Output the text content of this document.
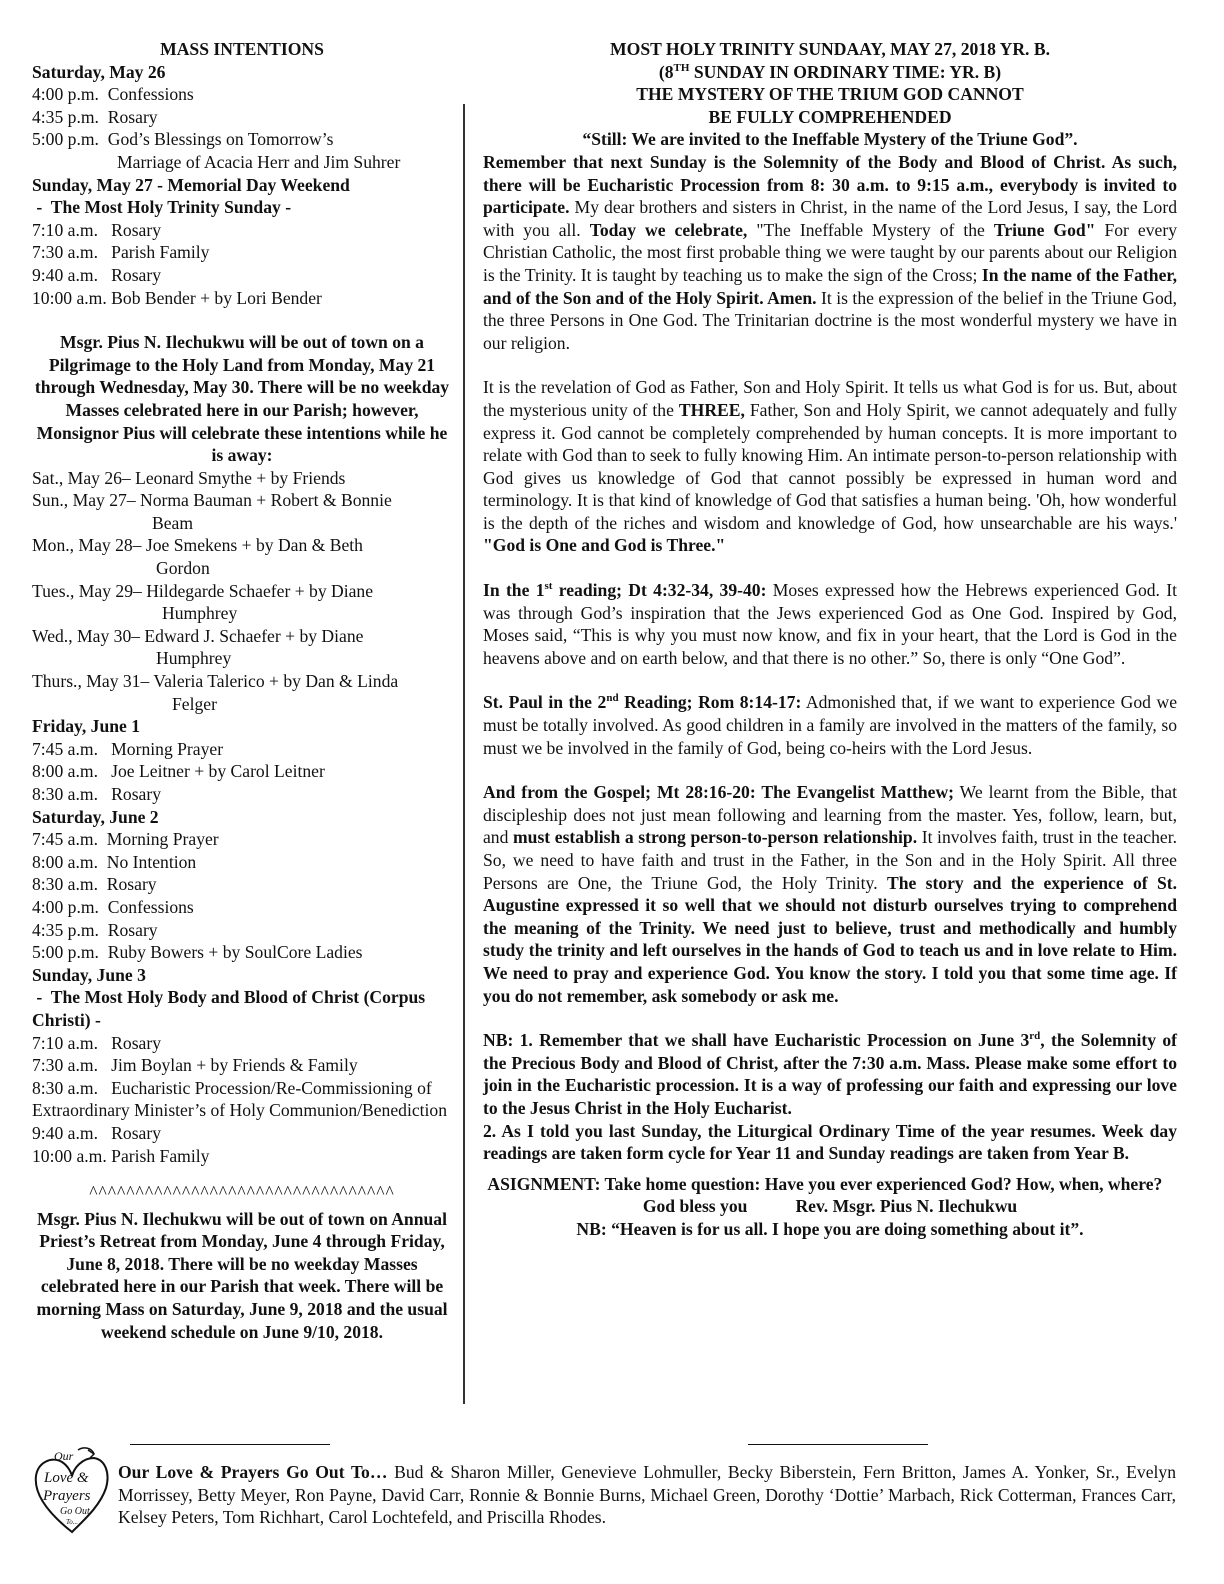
MASS INTENTIONS
Saturday, May 26
4:00 p.m.  Confessions
4:35 p.m.  Rosary
5:00 p.m.  God’s Blessings on Tomorrow’s
Marriage of Acacia Herr and Jim Suhrer
Sunday, May 27 - Memorial Day Weekend
-  The Most Holy Trinity Sunday -
7:10 a.m.   Rosary
7:30 a.m.   Parish Family
9:40 a.m.   Rosary
10:00 a.m. Bob Bender + by Lori Bender
Msgr. Pius N. Ilechukwu will be out of town on a Pilgrimage to the Holy Land from Monday, May 21 through Wednesday, May 30. There will be no weekday Masses celebrated here in our Parish; however, Monsignor Pius will celebrate these intentions while he is away:
Sat., May 26– Leonard Smythe + by Friends
Sun., May 27– Norma Bauman + Robert & Bonnie
Beam
Mon., May 28– Joe Smekens + by Dan & Beth
Gordon
Tues., May 29– Hildegarde Schaefer + by Diane
Humphrey
Wed., May 30– Edward J. Schaefer + by Diane
Humphrey
Thurs., May 31– Valeria Talerico + by Dan & Linda
Felger
Friday, June 1
7:45 a.m.   Morning Prayer
8:00 a.m.   Joe Leitner + by Carol Leitner
8:30 a.m.   Rosary
Saturday, June 2
7:45 a.m.  Morning Prayer
8:00 a.m.  No Intention
8:30 a.m.  Rosary
4:00 p.m.  Confessions
4:35 p.m.  Rosary
5:00 p.m.  Ruby Bowers + by SoulCore Ladies
Sunday, June 3
-  The Most Holy Body and Blood of Christ (Corpus Christi) -
7:10 a.m.   Rosary
7:30 a.m.   Jim Boylan + by Friends & Family
8:30 a.m.   Eucharistic Procession/Re-Commissioning of Extraordinary Minister’s of Holy Communion/Benediction
9:40 a.m.   Rosary
10:00 a.m. Parish Family
^^^^^^^^^^^^^^^^^^^^^^^^^^^^^^^^^
Msgr. Pius N. Ilechukwu will be out of town on Annual Priest’s Retreat from Monday, June 4 through Friday, June 8, 2018. There will be no weekday Masses celebrated here in our Parish that week. There will be morning Mass on Saturday, June 9, 2018 and the usual weekend schedule on June 9/10, 2018.
MOST HOLY TRINITY SUNDAAY, MAY 27, 2018 YR. B.
(8TH SUNDAY IN ORDINARY TIME: YR. B)
THE MYSTERY OF THE TRIUM GOD CANNOT
BE FULLY COMPREHENDED
“Still: We are invited to the Ineffable Mystery of the Triune God”.
Remember that next Sunday is the Solemnity of the Body and Blood of Christ. As such, there will be Eucharistic Procession from 8: 30 a.m. to 9:15 a.m., everybody is invited to participate. My dear brothers and sisters in Christ, in the name of the Lord Jesus, I say, the Lord with you all. Today we celebrate, "The Ineffable Mystery of the Triune God" For every Christian Catholic, the most first probable thing we were taught by our parents about our Religion is the Trinity. It is taught by teaching us to make the sign of the Cross; In the name of the Father, and of the Son and of the Holy Spirit. Amen. It is the expression of the belief in the Triune God, the three Persons in One God. The Trinitarian doctrine is the most wonderful mystery we have in our religion.
It is the revelation of God as Father, Son and Holy Spirit. It tells us what God is for us. But, about the mysterious unity of the THREE, Father, Son and Holy Spirit, we cannot adequately and fully express it. God cannot be completely comprehended by human concepts. It is more important to relate with God than to seek to fully knowing Him. An intimate person-to-person relationship with God gives us knowledge of God that cannot possibly be expressed in human word and terminology. It is that kind of knowledge of God that satisfies a human being. 'Oh, how wonderful is the depth of the riches and wisdom and knowledge of God, how unsearchable are his ways.' "God is One and God is Three."
In the 1st reading; Dt 4:32-34, 39-40: Moses expressed how the Hebrews experienced God. It was through God’s inspiration that the Jews experienced God as One God. Inspired by God, Moses said, “This is why you must now know, and fix in your heart, that the Lord is God in the heavens above and on earth below, and that there is no other.” So, there is only “One God”.
St. Paul in the 2nd Reading; Rom 8:14-17: Admonished that, if we want to experience God we must be totally involved. As good children in a family are involved in the matters of the family, so must we be involved in the family of God, being co-heirs with the Lord Jesus.
And from the Gospel; Mt 28:16-20: The Evangelist Matthew; We learnt from the Bible, that discipleship does not just mean following and learning from the master. Yes, follow, learn, but, and must establish a strong person-to-person relationship. It involves faith, trust in the teacher. So, we need to have faith and trust in the Father, in the Son and in the Holy Spirit. All three Persons are One, the Triune God, the Holy Trinity. The story and the experience of St. Augustine expressed it so well that we should not disturb ourselves trying to comprehend the meaning of the Trinity. We need just to believe, trust and methodically and humbly study the trinity and left ourselves in the hands of God to teach us and in love relate to Him. We need to pray and experience God. You know the story. I told you that some time age. If you do not remember, ask somebody or ask me.
NB: 1. Remember that we shall have Eucharistic Procession on June 3rd, the Solemnity of the Precious Body and Blood of Christ, after the 7:30 a.m. Mass. Please make some effort to join in the Eucharistic procession. It is a way of professing our faith and expressing our love to the Jesus Christ in the Holy Eucharist.
2. As I told you last Sunday, the Liturgical Ordinary Time of the year resumes. Week day readings are taken form cycle for Year 11 and Sunday readings are taken from Year B.
ASIGNMENT: Take home question: Have you ever experienced God? How, when, where?
God bless you	Rev. Msgr. Pius N. Ilechukwu
NB: “Heaven is for us all. I hope you are doing something about it”.
Our
Love &
Prayers
Go Out
To...
Our Love & Prayers Go Out To… Bud & Sharon Miller, Genevieve Lohmuller, Becky Biberstein, Fern Britton, James A. Yonker, Sr., Evelyn Morrissey, Betty Meyer, Ron Payne, David Carr, Ronnie & Bonnie Burns, Michael Green, Dorothy ‘Dottie’ Marbach, Rick Cotterman, Frances Carr, Kelsey Peters, Tom Richhart, Carol Lochtefeld, and Priscilla Rhodes.
